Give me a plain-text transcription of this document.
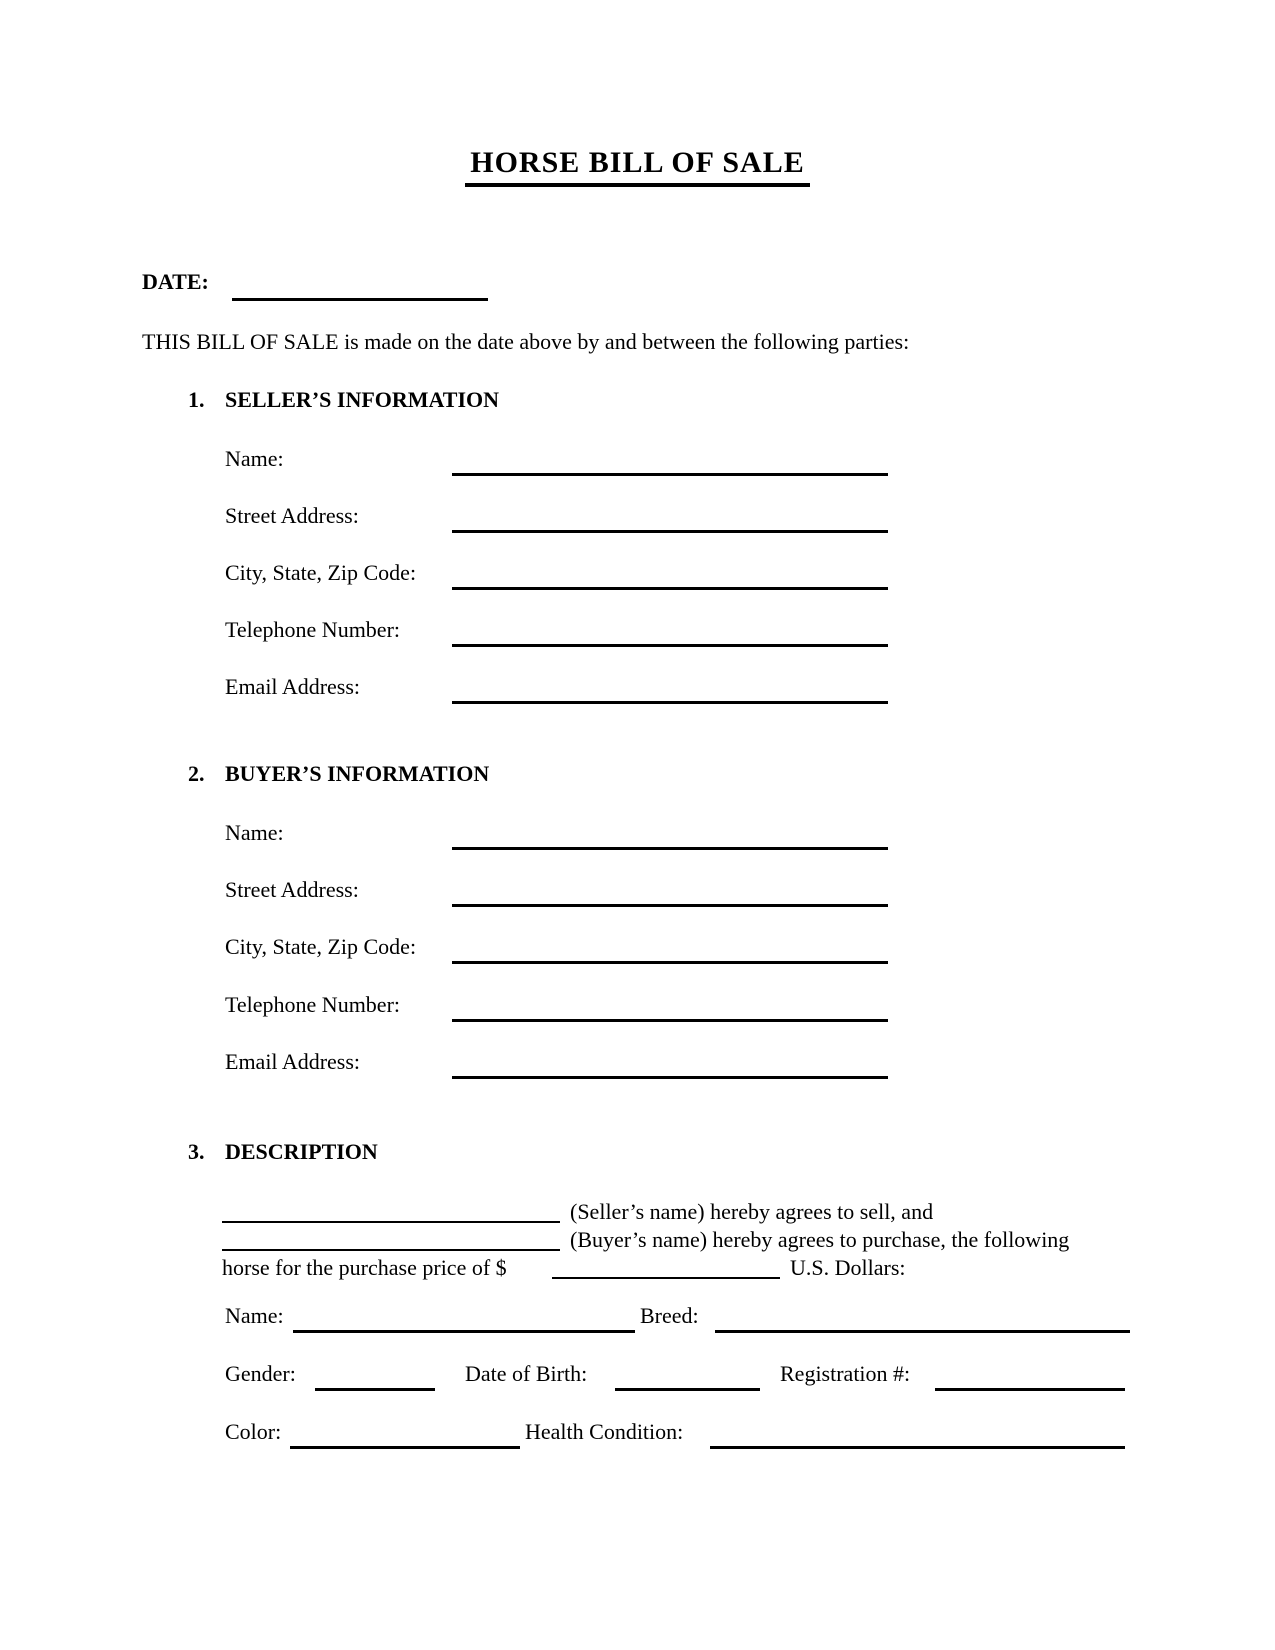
HORSE BILL OF SALE
DATE:
THIS BILL OF SALE is made on the date above by and between the following parties:
1. SELLER’S INFORMATION
Name:
Street Address:
City, State, Zip Code:
Telephone Number:
Email Address:
2. BUYER’S INFORMATION
Name:
Street Address:
City, State, Zip Code:
Telephone Number:
Email Address:
3. DESCRIPTION
(Seller’s name) hereby agrees to sell, and
(Buyer’s name) hereby agrees to purchase, the following
horse for the purchase price of $	U.S. Dollars:
Name:	Breed:
Gender:	Date of Birth:	Registration #:
Color:	Health Condition:
